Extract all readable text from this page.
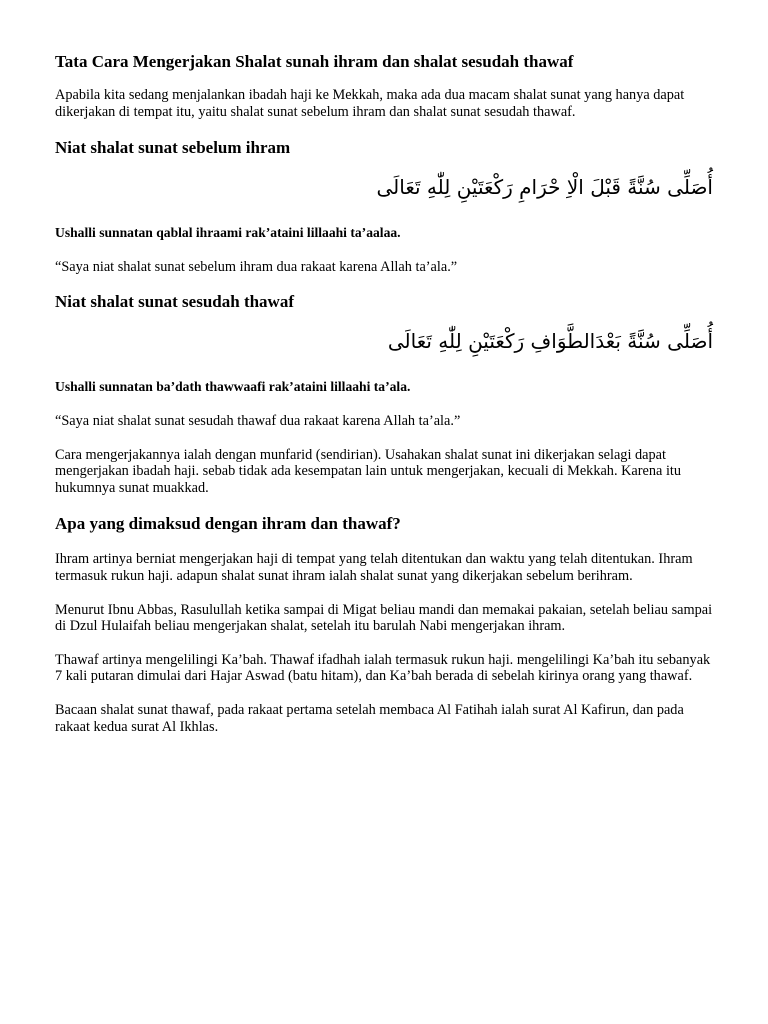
Tata Cara Mengerjakan Shalat sunah ihram dan shalat sesudah thawaf

Apabila kita sedang menjalankan ibadah haji ke Mekkah, maka ada dua macam shalat sunat yang hanya dapat dikerjakan di tempat itu, yaitu shalat sunat sebelum ihram dan shalat sunat sesudah thawaf.

Niat shalat sunat sebelum ihram

أُصَلِّى سُنَّةً قَبْلَ الْاِ حْرَامِ رَكْعَتَيْنِ لِلّٰهِ تَعَالَى

Ushalli sunnatan qablal ihraami rak’ataini lillaahi ta’aalaa.

“Saya niat shalat sunat sebelum ihram dua rakaat karena Allah ta’ala.”

Niat shalat sunat sesudah thawaf

أُصَلِّى سُنَّةً بَعْدَالطَّوَافِ رَكْعَتَيْنِ لِلّٰهِ تَعَالَى

Ushalli sunnatan ba’dath thawwaafi rak’ataini lillaahi ta’ala.

“Saya niat shalat sunat sesudah thawaf dua rakaat karena Allah ta’ala.”

Cara mengerjakannya ialah dengan munfarid (sendirian). Usahakan shalat sunat ini dikerjakan selagi dapat mengerjakan ibadah haji. sebab tidak ada kesempatan lain untuk mengerjakan, kecuali di Mekkah. Karena itu hukumnya sunat muakkad.

Apa yang dimaksud dengan ihram dan thawaf?

Ihram artinya berniat mengerjakan haji di tempat yang telah ditentukan dan waktu yang telah ditentukan. Ihram termasuk rukun haji. adapun shalat sunat ihram ialah shalat sunat yang dikerjakan sebelum berihram.

Menurut Ibnu Abbas, Rasulullah ketika sampai di Migat beliau mandi dan memakai pakaian, setelah beliau sampai di Dzul Hulaifah beliau mengerjakan shalat, setelah itu barulah Nabi mengerjakan ihram.

Thawaf artinya mengelilingi Ka’bah. Thawaf ifadhah ialah termasuk rukun haji. mengelilingi Ka’bah itu sebanyak 7 kali putaran dimulai dari Hajar Aswad (batu hitam), dan Ka’bah berada di sebelah kirinya orang yang thawaf.

Bacaan shalat sunat thawaf, pada rakaat pertama setelah membaca Al Fatihah ialah surat Al Kafirun, dan pada rakaat kedua surat Al Ikhlas.
